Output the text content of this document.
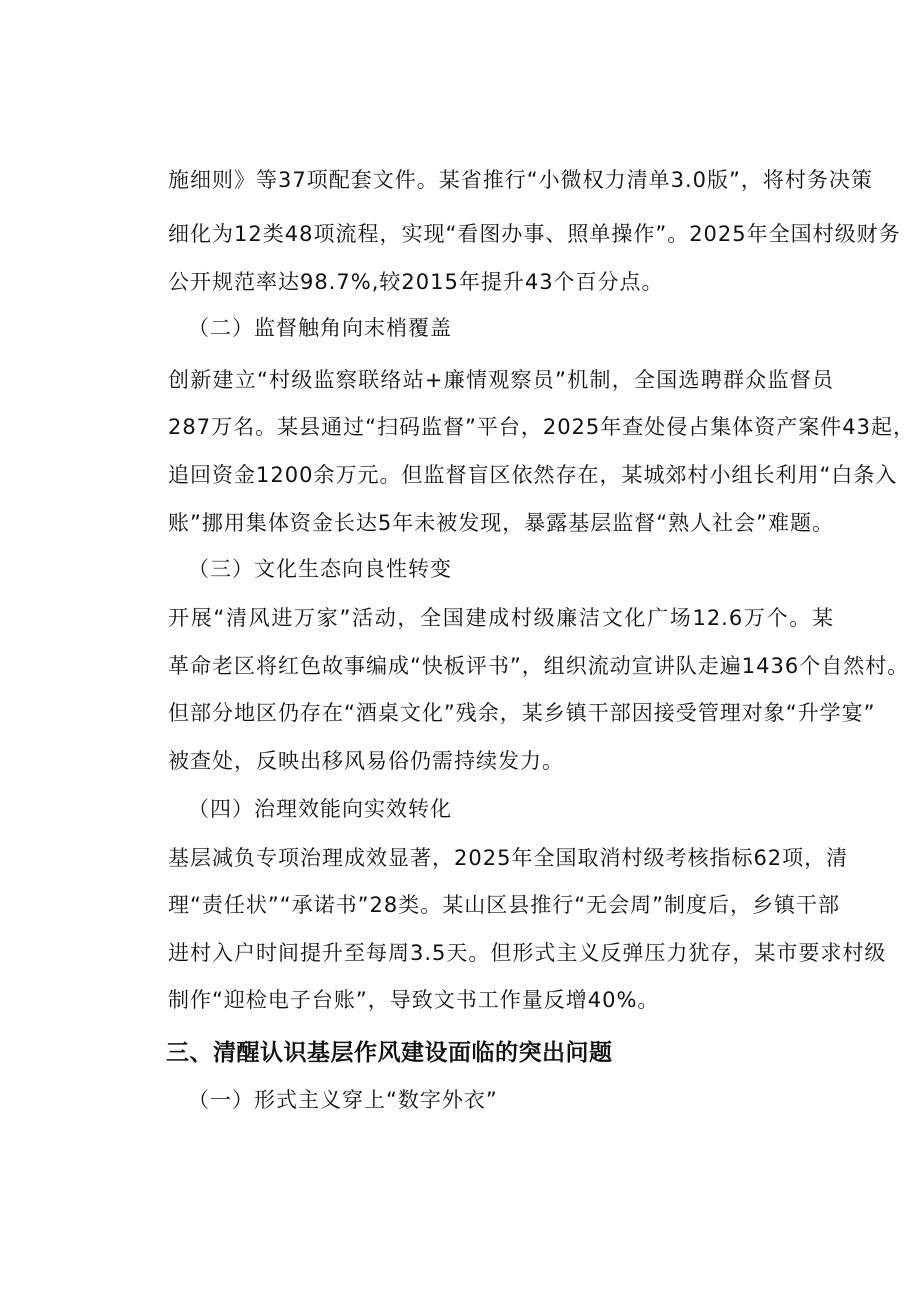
施细则》等37项配套文件。某省推行“小微权力清单3.0版”，将村务决策
细化为12类48项流程，实现“看图办事、照单操作”。2025年全国村级财务
公开规范率达98.7%,较2015年提升43个百分点。
（二）监督触角向末梢覆盖
创新建立“村级监察联络站+廉情观察员”机制，全国选聘群众监督员
287万名。某县通过“扫码监督”平台，2025年查处侵占集体资产案件43起，
追回资金1200余万元。但监督盲区依然存在，某城郊村小组长利用“白条入
账”挪用集体资金长达5年未被发现，暴露基层监督“熟人社会”难题。
（三）文化生态向良性转变
开展“清风进万家”活动，全国建成村级廉洁文化广场12.6万个。某
革命老区将红色故事编成“快板评书”，组织流动宣讲队走遍1436个自然村。
但部分地区仍存在“酒桌文化”残余，某乡镇干部因接受管理对象“升学宴”
被查处，反映出移风易俗仍需持续发力。
（四）治理效能向实效转化
基层减负专项治理成效显著，2025年全国取消村级考核指标62项，清
理“责任状”“承诺书”28类。某山区县推行“无会周”制度后，乡镇干部
进村入户时间提升至每周3.5天。但形式主义反弹压力犹存，某市要求村级
制作“迎检电子台账”，导致文书工作量反增40%。
三、清醒认识基层作风建设面临的突出问题
（一）形式主义穿上“数字外衣”
